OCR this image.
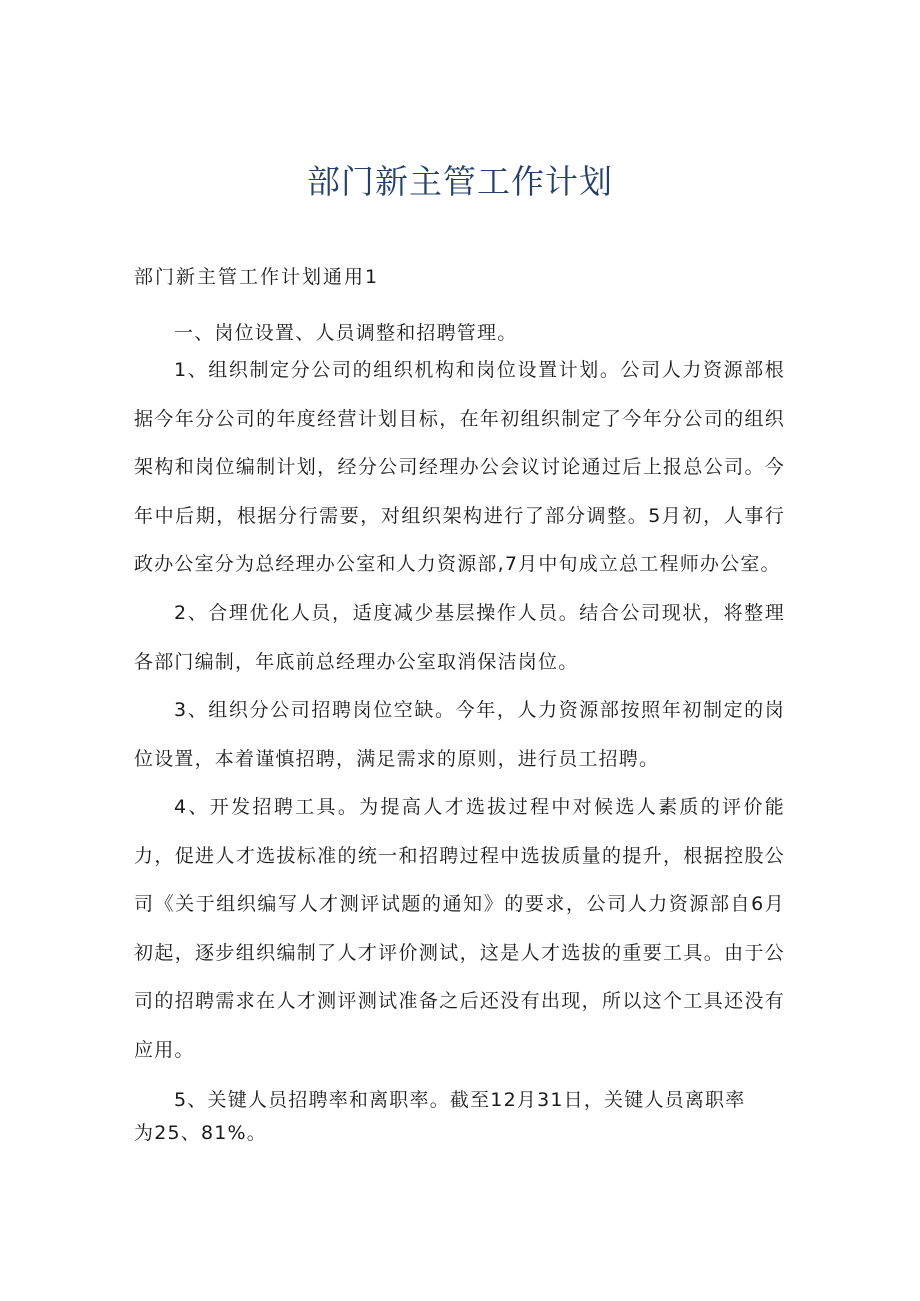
部门新主管工作计划

部门新主管工作计划通用1

一、岗位设置、人员调整和招聘管理。

1、组织制定分公司的组织机构和岗位设置计划。公司人力资源部根据今年分公司的年度经营计划目标，在年初组织制定了今年分公司的组织架构和岗位编制计划，经分公司经理办公会议讨论通过后上报总公司。今年中后期，根据分行需要，对组织架构进行了部分调整。5月初，人事行政办公室分为总经理办公室和人力资源部,7月中旬成立总工程师办公室。

2、合理优化人员，适度减少基层操作人员。结合公司现状，将整理各部门编制，年底前总经理办公室取消保洁岗位。

3、组织分公司招聘岗位空缺。今年，人力资源部按照年初制定的岗位设置，本着谨慎招聘，满足需求的原则，进行员工招聘。

4、开发招聘工具。为提高人才选拔过程中对候选人素质的评价能力，促进人才选拔标准的统一和招聘过程中选拔质量的提升，根据控股公司《关于组织编写人才测评试题的通知》的要求，公司人力资源部自6月初起，逐步组织编制了人才评价测试，这是人才选拔的重要工具。由于公司的招聘需求在人才测评测试准备之后还没有出现，所以这个工具还没有应用。

5、关键人员招聘率和离职率。截至12月31日，关键人员离职率为25、81%。
